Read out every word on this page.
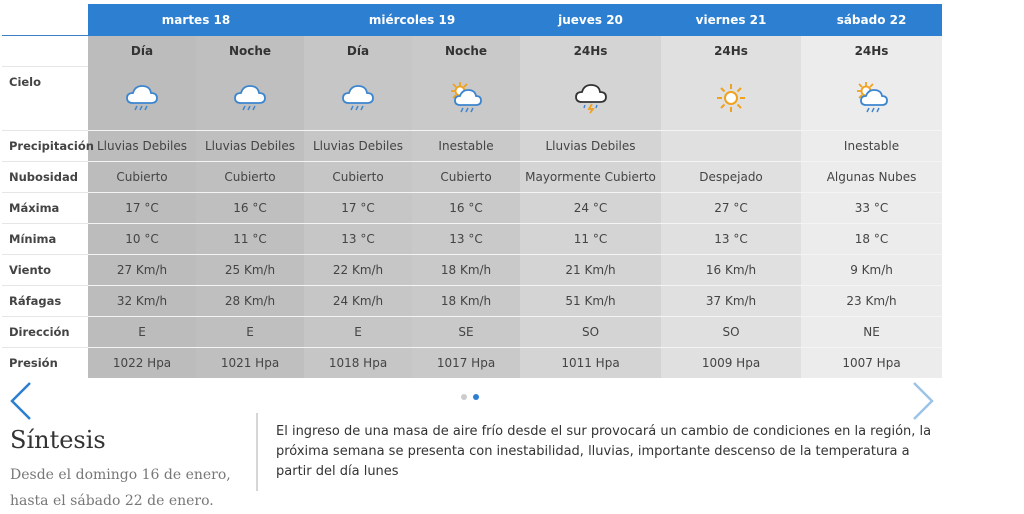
	martes 18		miércoles 19		jueves 20	viernes 21	sábado 22
	Día	Noche	Día	Noche	24Hs	24Hs	24Hs
Cielo	

Precipitación	Lluvias Debiles	Lluvias Debiles	Lluvias Debiles	Inestable	Lluvias Debiles		Inestable
Nubosidad	Cubierto	Cubierto	Cubierto	Cubierto	Mayormente Cubierto	Despejado	Algunas Nubes
Máxima	17 °C	16 °C	17 °C	16 °C	24 °C	27 °C	33 °C
Mínima	10 °C	11 °C	13 °C	13 °C	11 °C	13 °C	18 °C
Viento	27 Km/h	25 Km/h	22 Km/h	18 Km/h	21 Km/h	16 Km/h	9 Km/h
Ráfagas	32 Km/h	28 Km/h	24 Km/h	18 Km/h	51 Km/h	37 Km/h	23 Km/h
Dirección	E	E	E	SE	SO	SO	NE
Presión	1022 Hpa	1021 Hpa	1018 Hpa	1017 Hpa	1011 Hpa	1009 Hpa	1007 Hpa
Síntesis
Desde el domingo 16 de enero, hasta el sábado 22 de enero.
El ingreso de una masa de aire frío desde el sur provocará un cambio de condiciones en la región, la próxima semana se presenta con inestabilidad, lluvias, importante descenso de la temperatura a partir del día lunes
